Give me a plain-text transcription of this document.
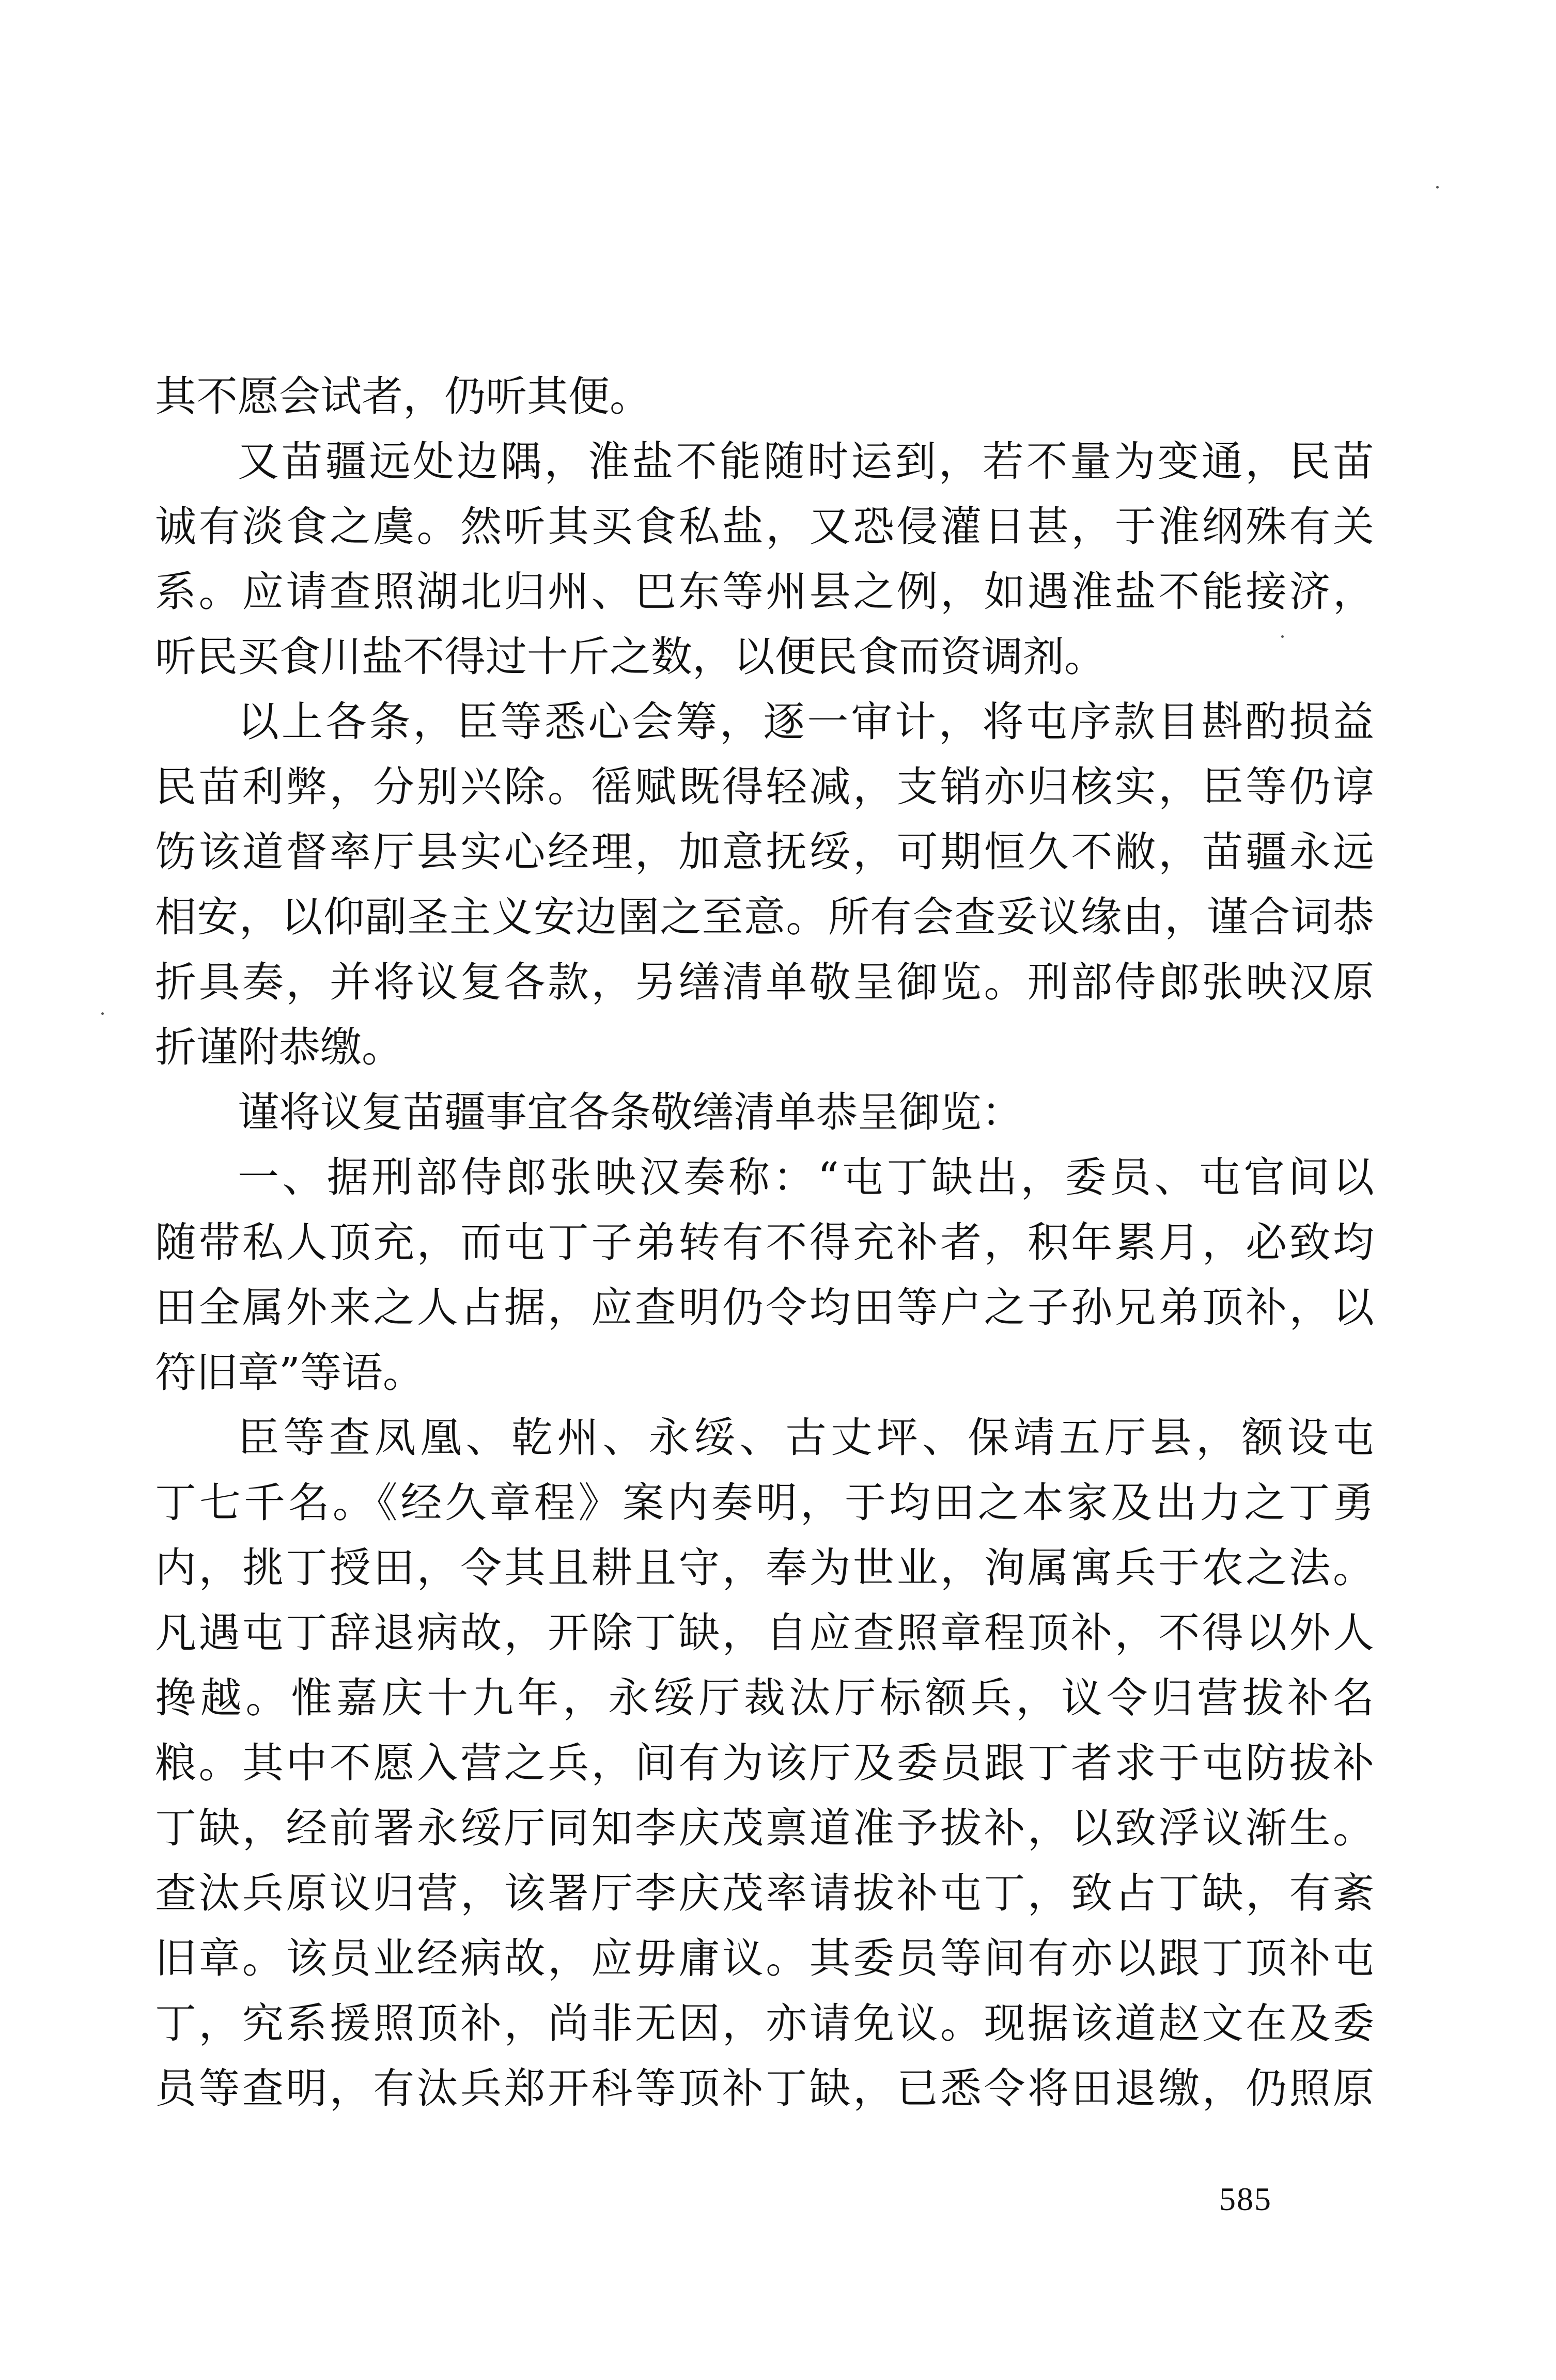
其不愿会试者，仍听其便。
又苗疆远处边隅，淮盐不能随时运到，若不量为变通，民苗
诚有淡食之虞。然听其买食私盐，又恐侵灌日甚，于淮纲殊有关
系。应请查照湖北归州、巴东等州县之例，如遇淮盐不能接济，
听民买食川盐不得过十斤之数，以便民食而资调剂。
以上各条，臣等悉心会筹，逐一审计，将屯序款目斟酌损益
民苗利弊，分别兴除。徭赋既得轻减，支销亦归核实，臣等仍谆
饬该道督率厅县实心经理，加意抚绥，可期恒久不敝，苗疆永远
相安，以仰副圣主义安边圉之至意。所有会查妥议缘由，谨合词恭
折具奏，并将议复各款，另缮清单敬呈御览。刑部侍郎张映汉原
折谨附恭缴。
谨将议复苗疆事宜各条敬缮清单恭呈御览：
一、据刑部侍郎张映汉奏称：“屯丁缺出，委员、屯官间以
随带私人顶充，而屯丁子弟转有不得充补者，积年累月，必致均
田全属外来之人占据，应查明仍令均田等户之子孙兄弟顶补，以
符旧章”等语。
臣等查凤凰、乾州、永绥、古丈坪、保靖五厅县，额设屯
丁七千名。《经久章程》案内奏明，于均田之本家及出力之丁勇
内，挑丁授田，令其且耕且守，奉为世业，洵属寓兵于农之法。
凡遇屯丁辞退病故，开除丁缺，自应查照章程顶补，不得以外人
搀越。惟嘉庆十九年，永绥厅裁汰厅标额兵，议令归营拔补名
粮。其中不愿入营之兵，间有为该厅及委员跟丁者求于屯防拔补
丁缺，经前署永绥厅同知李庆茂禀道准予拔补，以致浮议渐生。
查汰兵原议归营，该署厅李庆茂率请拔补屯丁，致占丁缺，有紊
旧章。该员业经病故，应毋庸议。其委员等间有亦以跟丁顶补屯
丁，究系援照顶补，尚非无因，亦请免议。现据该道赵文在及委
员等查明，有汰兵郑开科等顶补丁缺，已悉令将田退缴，仍照原
585
